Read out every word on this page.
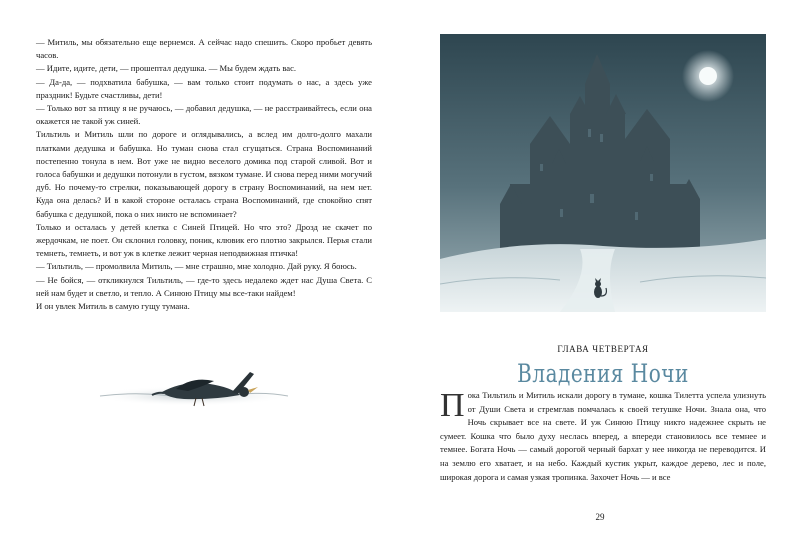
— Митиль, мы обязательно еще вернемся. А сейчас надо спешить. Скоро пробьет девять часов.

— Идите, идите, дети, — прошептал дедушка. — Мы будем ждать вас.

— Да-да, — подхватила бабушка, — вам только стоит подумать о нас, а здесь уже праздник! Будьте счастливы, дети!

— Только вот за птицу я не ручаюсь, — добавил дедушка, — не расстраивайтесь, если она окажется не такой уж синей.

Тильтиль и Митиль шли по дороге и оглядывались, а вслед им долго-долго махали платками дедушка и бабушка. Но туман снова стал сгущаться. Страна Воспоминаний постепенно тонула в нем. Вот уже не видно веселого домика под старой сливой. Вот и голоса бабушки и дедушки потонули в густом, вязком тумане. И снова перед ними могучий дуб. Но почему-то стрелки, показывающей дорогу в страну Воспоминаний, на нем нет. Куда она делась? И в какой стороне осталась страна Воспоминаний, где спокойно спят бабушка с дедушкой, пока о них никто не вспоминает?

Только и осталась у детей клетка с Синей Птицей. Но что это? Дрозд не скачет по жердочкам, не поет. Он склонил головку, поник, клювик его плотно закрылся. Перья стали темнеть, темнеть, и вот уж в клетке лежит черная неподвижная птичка!

— Тильтиль, — промолвила Митиль, — мне страшно, мне холодно. Дай руку. Я боюсь.

— Не бойся, — откликнулся Тильтиль, — где-то здесь недалеко ждет нас Душа Света. С ней нам будет и светло, и тепло. А Синюю Птицу мы все-таки найдем!

И он увлек Митиль в самую гущу тумана.

ГЛАВА ЧЕТВЕРТАЯ
Владения Ночи

Пока Тильтиль и Митиль искали дорогу в тумане, кошка Тилетта успела улизнуть от Души Света и стремглав помчалась к своей тетушке Ночи. Знала она, что Ночь скрывает все на свете. И уж Синюю Птицу никто надежнее скрыть не сумеет. Кошка что было духу неслась вперед, а впереди становилось все темнее и темнее. Богата Ночь — самый дорогой черный бархат у нее никогда не переводится. И на землю его хватает, и на небо. Каждый кустик укрыт, каждое дерево, лес и поле, широкая дорога и самая узкая тропинка. Захочет Ночь — и все

29
